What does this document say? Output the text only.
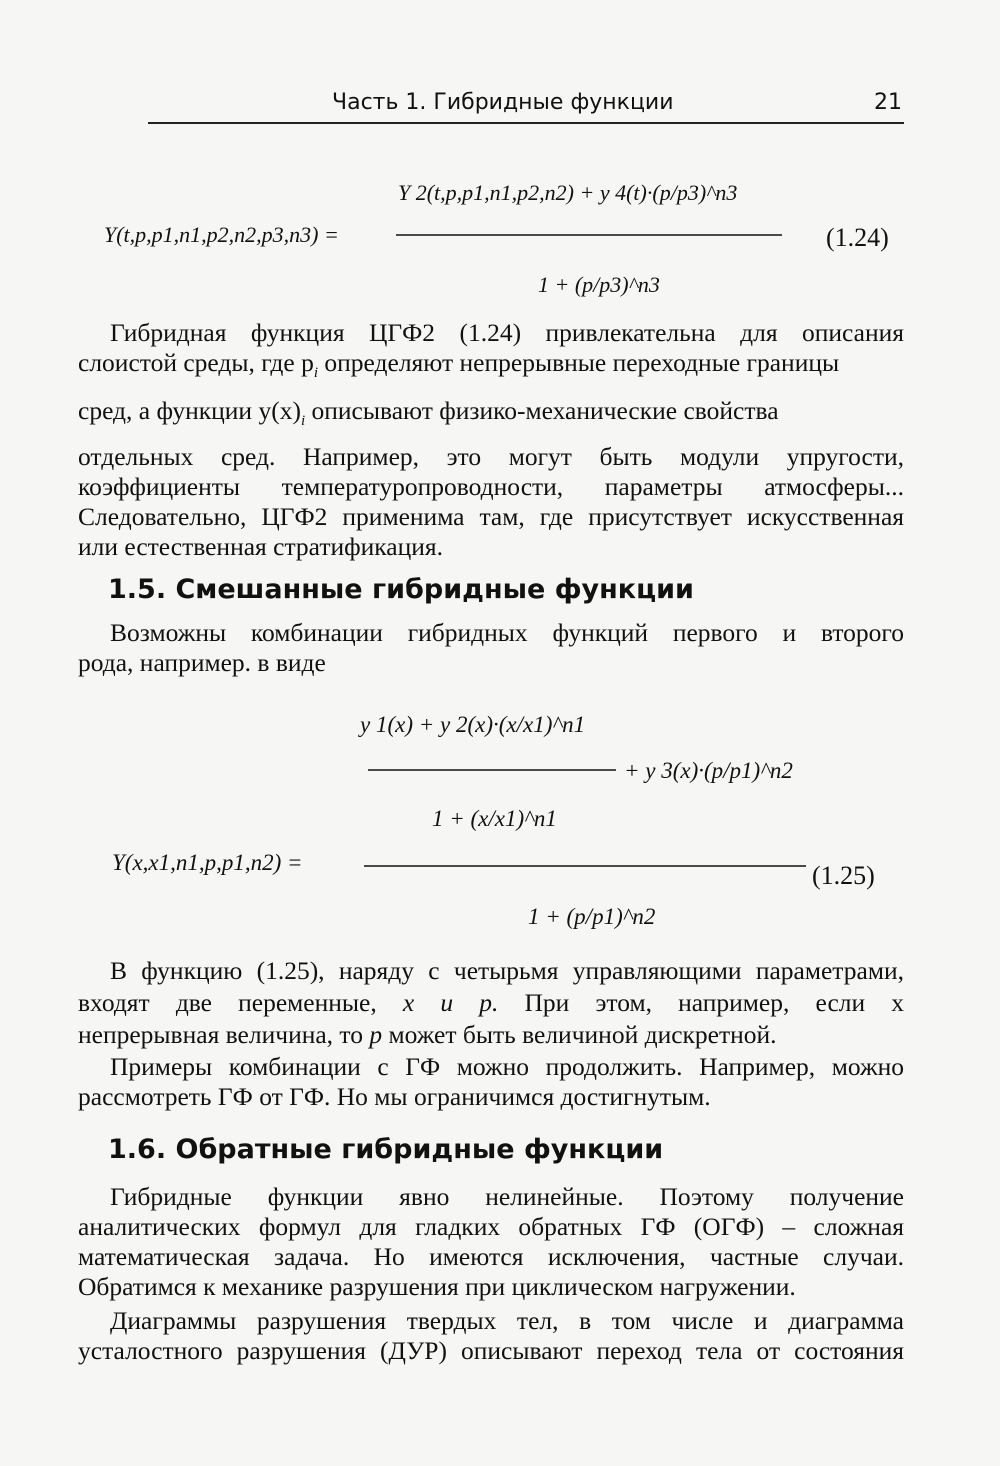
Часть 1. Гибридные функции	21
Y(t,p,p1,n1,p2,n2,p3,n3) =
Y 2(t,p,p1,n1,p2,n2) + y 4(t)·(p/p3)^n3
1 + (p/p3)^n3
(1.24)
Гибридная функция ЦГФ2 (1.24) привлекательна для описания
слоистой среды, где $p_i$ определяют непрерывные переходные границы
сред, а функции $y(x)_i$ описывают физико-механические свойства
отдельных сред. Например, это могут быть модули упругости,
коэффициенты температуропроводности, параметры атмосферы...
Следовательно, ЦГФ2 применима там, где присутствует искусственная
или естественная стратификация.
1.5. Смешанные гибридные функции
Возможны комбинации гибридных функций первого и второго
рода, например. в виде
y 1(x) + y 2(x)·(x/x1)^n1
+ y 3(x)·(p/p1)^n2
1 + (x/x1)^n1
Y(x,x1,n1,p,p1,n2) =
1 + (p/p1)^n2
(1.25)
В функцию (1.25), наряду с четырьмя управляющими параметрами,
входят две переменные, x и p. При этом, например, если x
непрерывная величина, то p может быть величиной дискретной.
Примеры комбинации с ГФ можно продолжить. Например, можно
рассмотреть ГФ от ГФ. Но мы ограничимся достигнутым.
1.6. Обратные гибридные функции
Гибридные функции явно нелинейные. Поэтому получение
аналитических формул для гладких обратных ГФ (ОГФ) – сложная
математическая задача. Но имеются исключения, частные случаи.
Обратимся к механике разрушения при циклическом нагружении.
Диаграммы разрушения твердых тел, в том числе и диаграмма
усталостного разрушения (ДУР) описывают переход тела от состояния
